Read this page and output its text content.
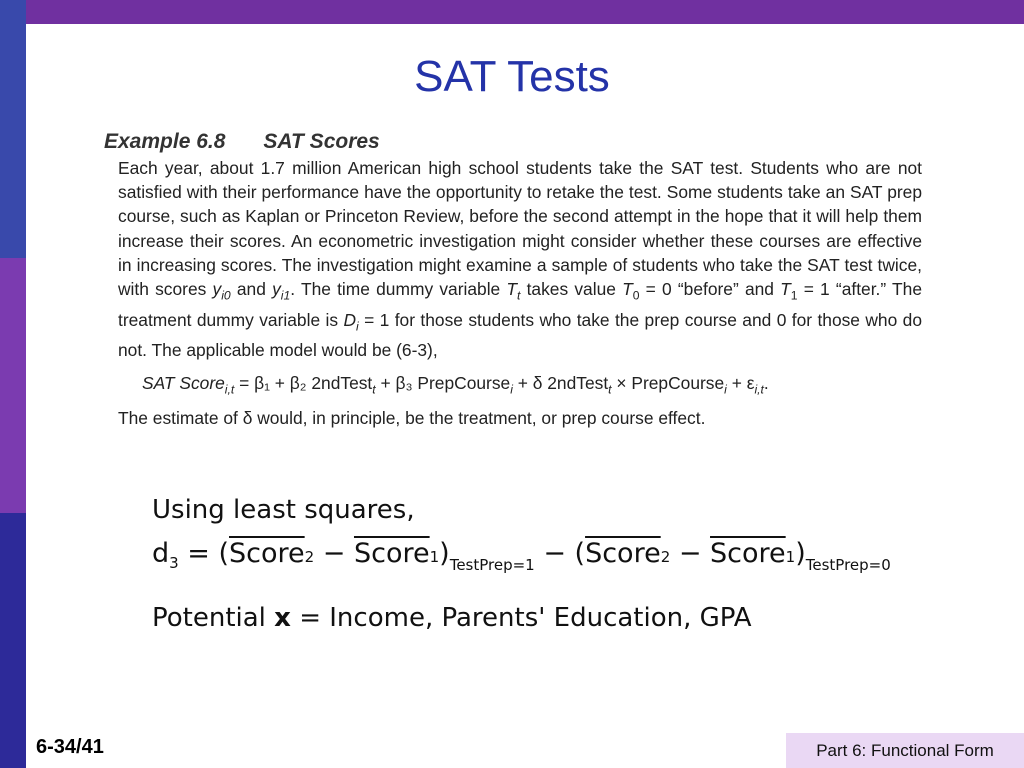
SAT Tests
Example 6.8 SAT Scores
Each year, about 1.7 million American high school students take the SAT test. Students who are not satisfied with their performance have the opportunity to retake the test. Some students take an SAT prep course, such as Kaplan or Princeton Review, before the second attempt in the hope that it will help them increase their scores. An econometric investigation might consider whether these courses are effective in increasing scores. The investigation might examine a sample of students who take the SAT test twice, with scores $y_{i0}$ and $y_{i1}$. The time dummy variable $T_t$ takes value $T_0 = 0$ “before” and $T_1 = 1$ “after.” The treatment dummy variable is $D_i = 1$ for those students who take the prep course and 0 for those who do not. The applicable model would be (6-3),
SAT Score$_{i,t}$ = β₁ + β₂ 2ndTest$_t$ + β₃ PrepCourse$_i$ + δ 2ndTest$_t$ × PrepCourse$_i$ + $\varepsilon_{i,t}$.
The estimate of δ would, in principle, be the treatment, or prep course effect.
Using least squares,
$d_3$ = (Score2 − $Score1)_{TestPrep=1}$ − (Score2 − $Score1)_{TestPrep=0}$
Potential x = Income, Parents' Education, GPA
6-34/41	Part 6: Functional Form
